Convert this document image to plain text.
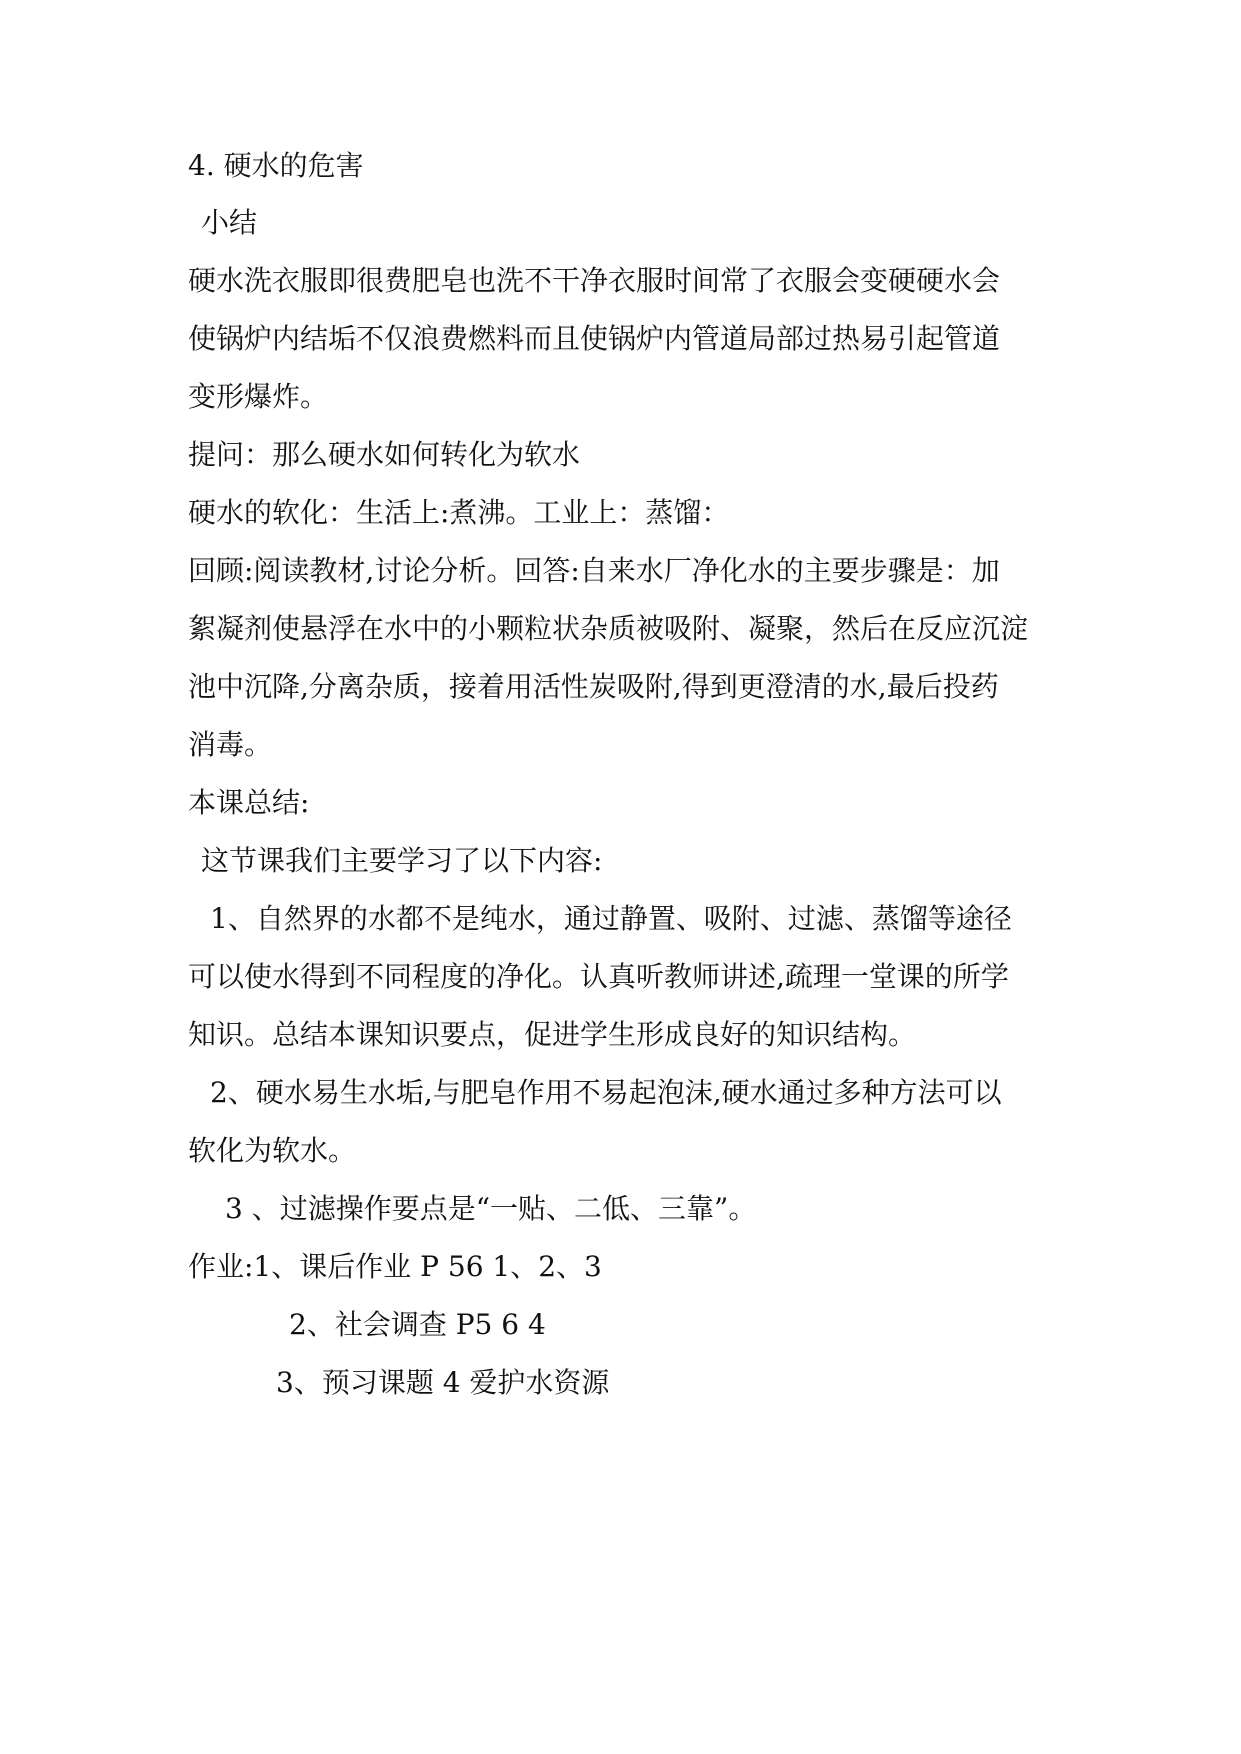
4. 硬水的危害
小结
硬水洗衣服即很费肥皂也洗不干净衣服时间常了衣服会变硬硬水会
使锅炉内结垢不仅浪费燃料而且使锅炉内管道局部过热易引起管道
变形爆炸。
提问：那么硬水如何转化为软水
硬水的软化：生活上:煮沸。工业上：蒸馏：
回顾:阅读教材,讨论分析。回答:自来水厂净化水的主要步骤是：加
絮凝剂使悬浮在水中的小颗粒状杂质被吸附、凝聚，然后在反应沉淀
池中沉降,分离杂质，接着用活性炭吸附,得到更澄清的水,最后投药
消毒。
本课总结:
这节课我们主要学习了以下内容:
1、自然界的水都不是纯水，通过静置、吸附、过滤、蒸馏等途径
可以使水得到不同程度的净化。认真听教师讲述,疏理一堂课的所学
知识。总结本课知识要点，促进学生形成良好的知识结构。
2、硬水易生水垢,与肥皂作用不易起泡沫,硬水通过多种方法可以
软化为软水。
3 、过滤操作要点是“一贴、二低、三靠”。
作业:1、课后作业 P 56 1、2、3
2、社会调查 P5 6 4
3、预习课题 4 爱护水资源
